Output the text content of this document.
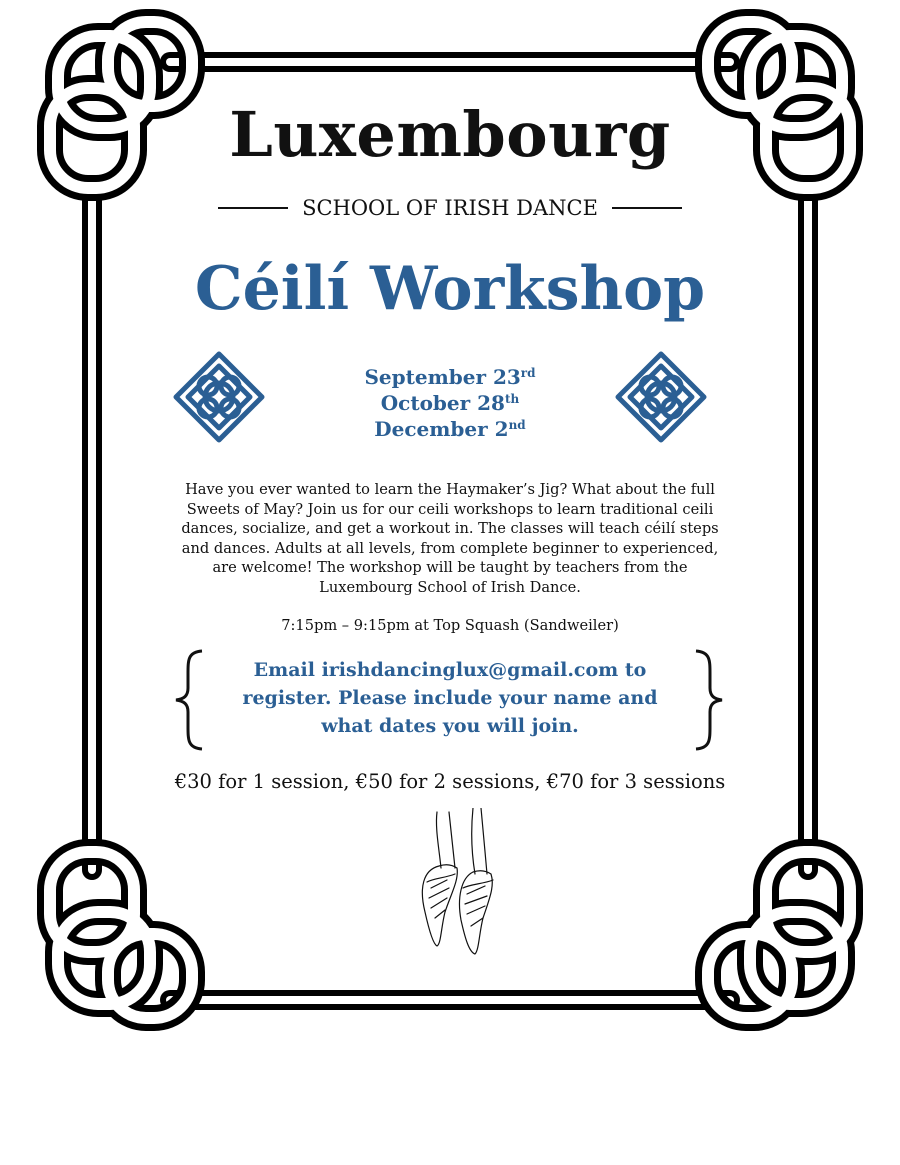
Luxembourg
SCHOOL OF IRISH DANCE
Céilí Workshop
September 23rd
October 28th
December 2nd
Have you ever wanted to learn the Haymaker’s Jig? What about the full Sweets of May? Join us for our ceili workshops to learn traditional ceili dances, socialize, and get a workout in. The classes will teach céilí steps and dances. Adults at all levels, from complete beginner to experienced, are welcome! The workshop will be taught by teachers from the Luxembourg School of Irish Dance.
7:15pm – 9:15pm at Top Squash (Sandweiler)
Email irishdancinglux@gmail.com to
register. Please include your name and
what dates you will join.
€30 for 1 session, €50 for 2 sessions, €70 for 3 sessions
